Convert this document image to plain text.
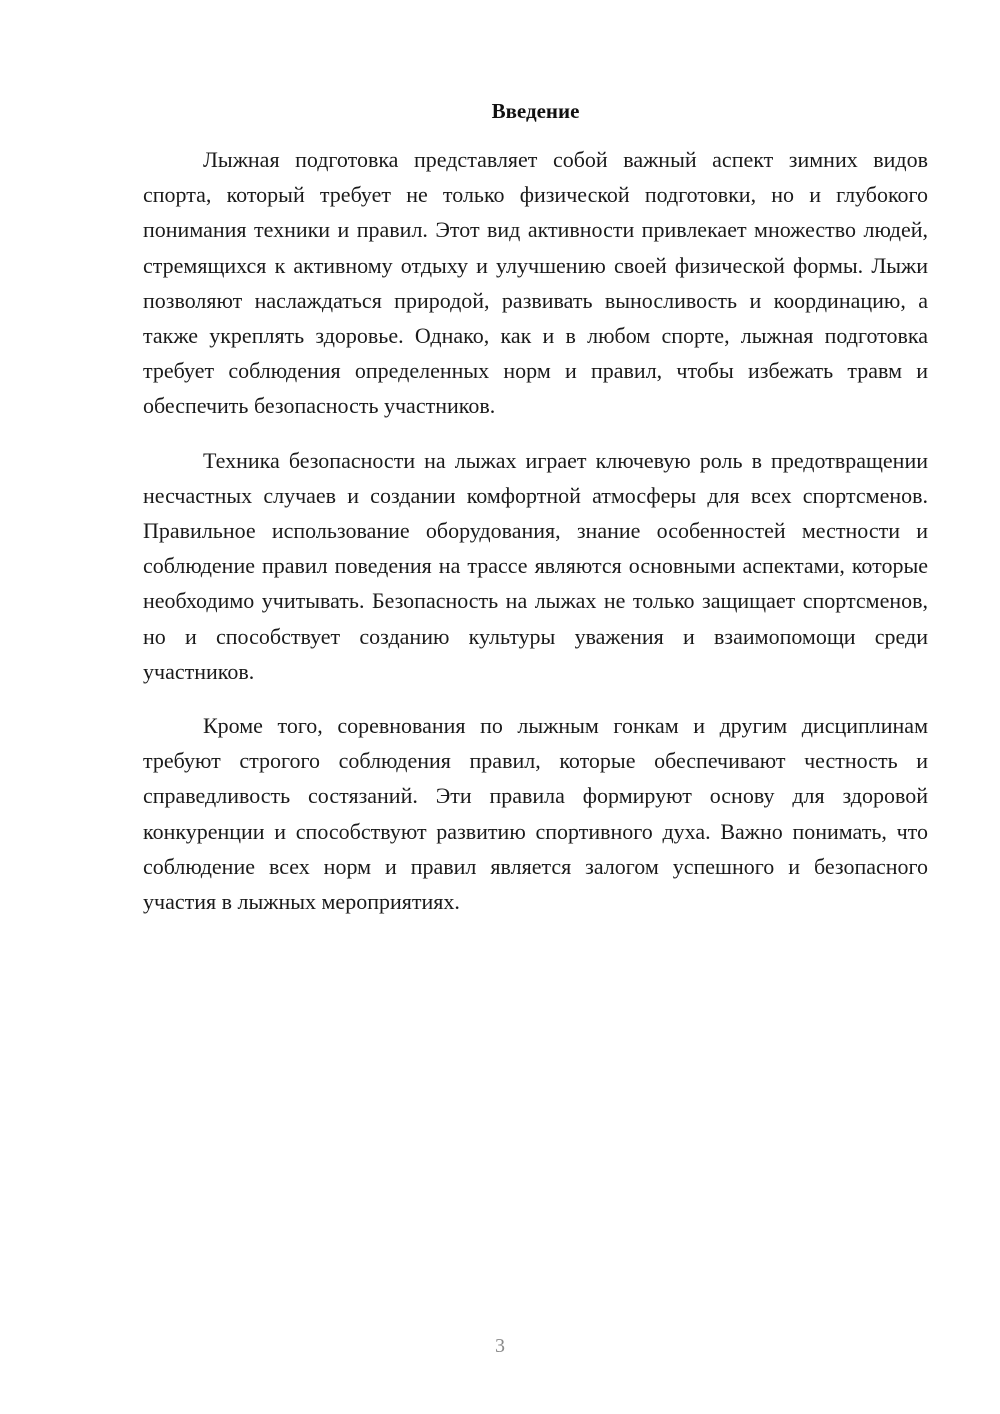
Введение

Лыжная подготовка представляет собой важный аспект зимних видов спорта, который требует не только физической подготовки, но и глубокого понимания техники и правил. Этот вид активности привлекает множество людей, стремящихся к активному отдыху и улучшению своей физической формы. Лыжи позволяют наслаждаться природой, развивать выносливость и координацию, а также укреплять здоровье. Однако, как и в любом спорте, лыжная подготовка требует соблюдения определенных норм и правил, чтобы избежать травм и обеспечить безопасность участников.

Техника безопасности на лыжах играет ключевую роль в предотвращении несчастных случаев и создании комфортной атмосферы для всех спортсменов. Правильное использование оборудования, знание особенностей местности и соблюдение правил поведения на трассе являются основными аспектами, которые необходимо учитывать. Безопасность на лыжах не только защищает спортсменов, но и способствует созданию культуры уважения и взаимопомощи среди участников.

Кроме того, соревнования по лыжным гонкам и другим дисциплинам требуют строгого соблюдения правил, которые обеспечивают честность и справедливость состязаний. Эти правила формируют основу для здоровой конкуренции и способствуют развитию спортивного духа. Важно понимать, что соблюдение всех норм и правил является залогом успешного и безопасного участия в лыжных мероприятиях.

3
